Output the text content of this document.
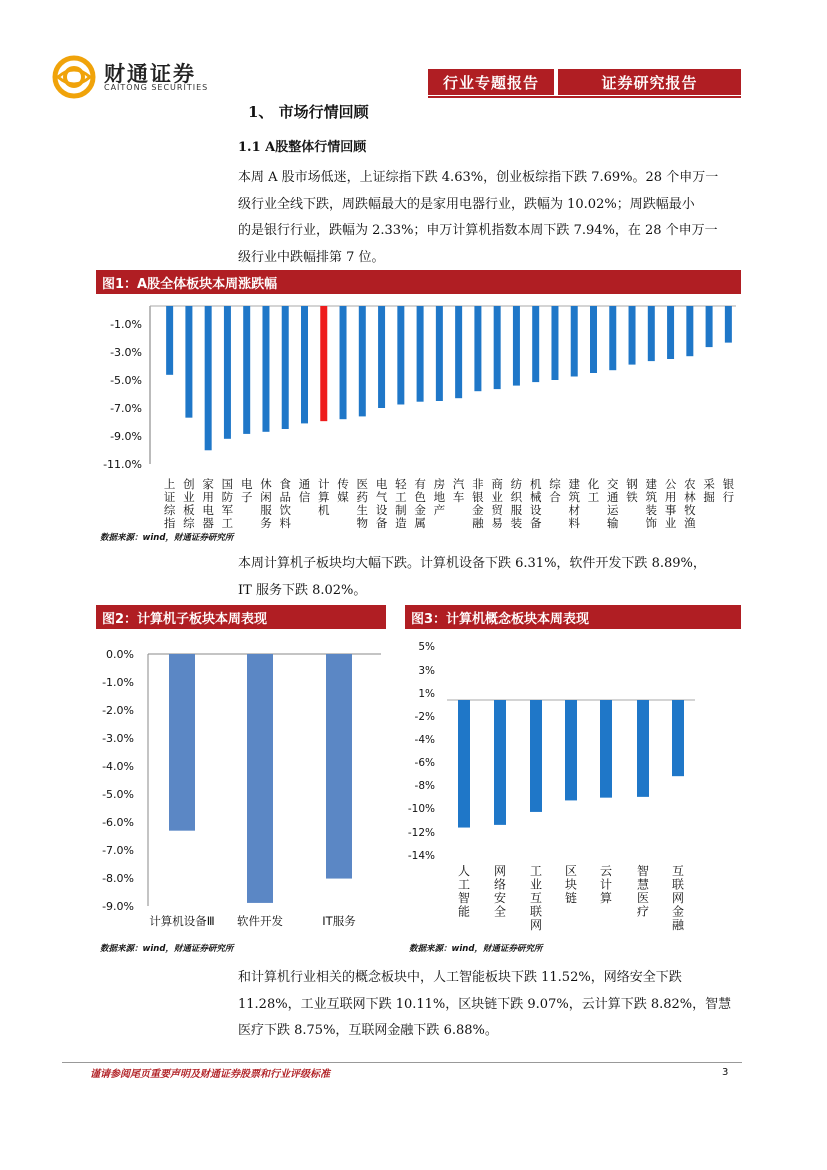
财通证券
CAITONG SECURITIES	行业专题报告	证券研究报告
1、 市场行情回顾
1.1 A股整体行情回顾
本周 A 股市场低迷，上证综指下跌 4.63%，创业板综指下跌 7.69%。28 个申万一
级行业全线下跌，周跌幅最大的是家用电器行业，跌幅为 10.02%；周跌幅最小
的是银行行业，跌幅为 2.33%；申万计算机指数本周下跌 7.94%，在 28 个申万一
级行业中跌幅排第 7 位。
图1：A股全体板块本周涨跌幅
-1.0%
-3.0%
-5.0%
-7.0%
-9.0%
-11.0%
上
证
综
指
创
业
板
综
家
用
电
器
国
防
军
工
电
子
休
闲
服
务
食
品
饮
料
通
信
计
算
机
传
媒
医
药
生
物
电
气
设
备
轻
工
制
造
有
色
金
属
房
地
产
汽
车
非
银
金
融
商
业
贸
易
纺
织
服
装
机
械
设
备
综
合
建
筑
材
料
化
工
交
通
运
输
钢
铁
建
筑
装
饰
公
用
事
业
农
林
牧
渔
采
掘
银
行
数据来源：wind，财通证券研究所
本周计算机子板块均大幅下跌。计算机设备下跌 6.31%，软件开发下跌 8.89%，
IT 服务下跌 8.02%。
图2：计算机子板块本周表现
0.0%
-1.0%
-2.0%
-3.0%
-4.0%
-5.0%
-6.0%
-7.0%
-8.0%
-9.0%
计算机设备Ⅲ 软件开发	IT服务
数据来源：wind，财通证券研究所
图3：计算机概念板块本周表现
5%
3%
1%
-2%
-4%
-6%
-8%
-10%
-12%
-14%
人
工
智
能
网
络
安
全
工
业
互
联
网
区
块
链
云
计
算
智
慧
医
疗
互
联
网
金
融
数据来源：wind，财通证券研究所
和计算机行业相关的概念板块中，人工智能板块下跌 11.52%，网络安全下跌
11.28%，工业互联网下跌 10.11%，区块链下跌 9.07%，云计算下跌 8.82%，智慧
医疗下跌 8.75%，互联网金融下跌 6.88%。
谨请参阅尾页重要声明及财通证券股票和行业评级标准	3
